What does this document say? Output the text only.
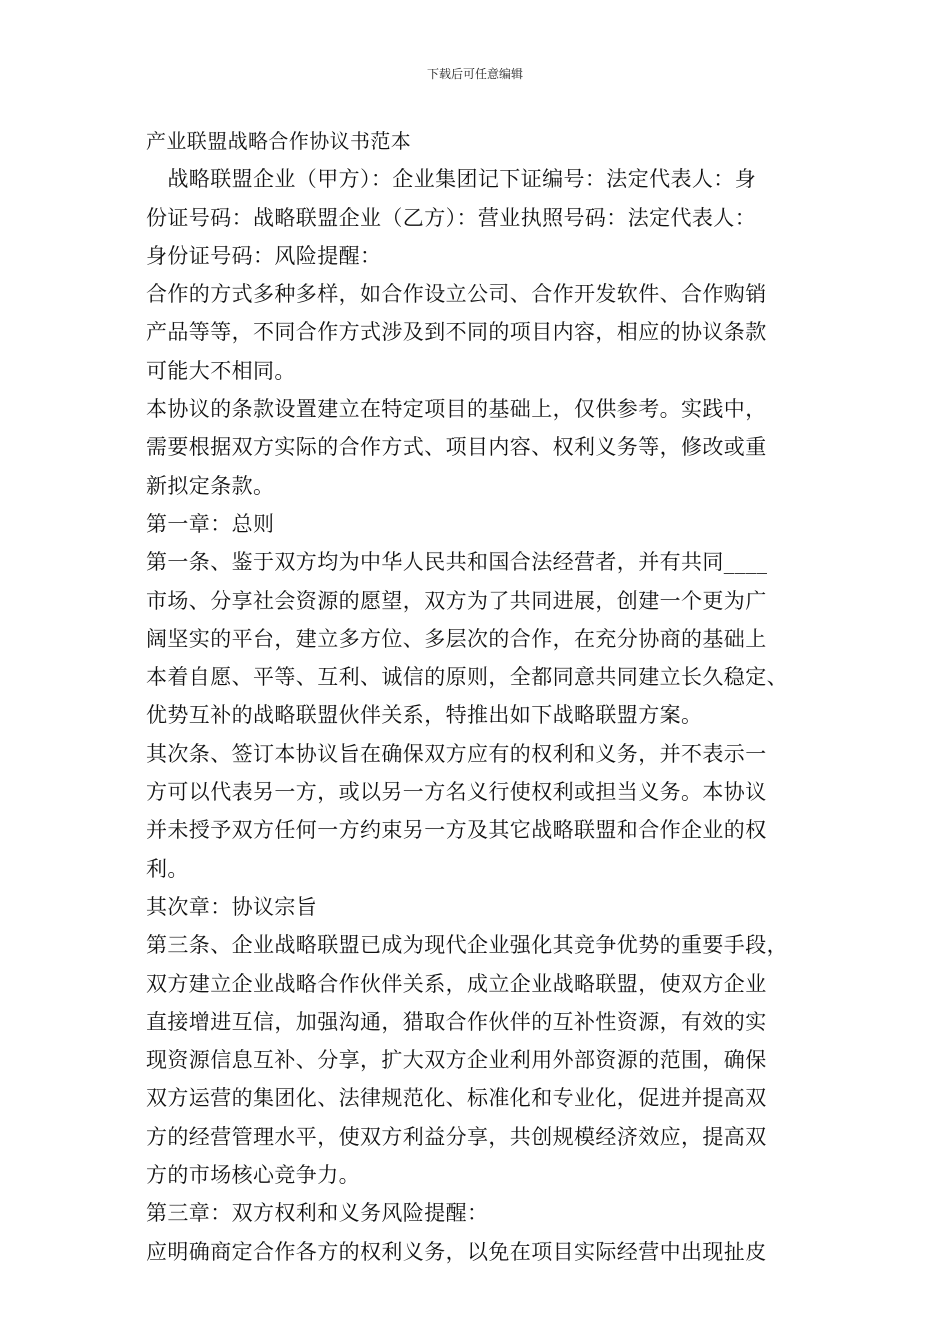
下载后可任意编辑
产业联盟战略合作协议书范本
　战略联盟企业（甲方）：企业集团记下证编号：法定代表人：身
份证号码：战略联盟企业（乙方）：营业执照号码：法定代表人：
身份证号码：风险提醒：
合作的方式多种多样，如合作设立公司、合作开发软件、合作购销
产品等等，不同合作方式涉及到不同的项目内容，相应的协议条款
可能大不相同。
本协议的条款设置建立在特定项目的基础上，仅供参考。实践中，
需要根据双方实际的合作方式、项目内容、权利义务等，修改或重
新拟定条款。
第一章：总则
第一条、鉴于双方均为中华人民共和国合法经营者，并有共同____
市场、分享社会资源的愿望，双方为了共同进展，创建一个更为广
阔坚实的平台，建立多方位、多层次的合作，在充分协商的基础上
本着自愿、平等、互利、诚信的原则，全都同意共同建立长久稳定、
优势互补的战略联盟伙伴关系，特推出如下战略联盟方案。
其次条、签订本协议旨在确保双方应有的权利和义务，并不表示一
方可以代表另一方，或以另一方名义行使权利或担当义务。本协议
并未授予双方任何一方约束另一方及其它战略联盟和合作企业的权
利。
其次章：协议宗旨
第三条、企业战略联盟已成为现代企业强化其竞争优势的重要手段，
双方建立企业战略合作伙伴关系，成立企业战略联盟，使双方企业
直接增进互信，加强沟通，猎取合作伙伴的互补性资源，有效的实
现资源信息互补、分享，扩大双方企业利用外部资源的范围，确保
双方运营的集团化、法律规范化、标准化和专业化，促进并提高双
方的经营管理水平，使双方利益分享，共创规模经济效应，提高双
方的市场核心竞争力。
第三章：双方权利和义务风险提醒：
应明确商定合作各方的权利义务，以免在项目实际经营中出现扯皮
